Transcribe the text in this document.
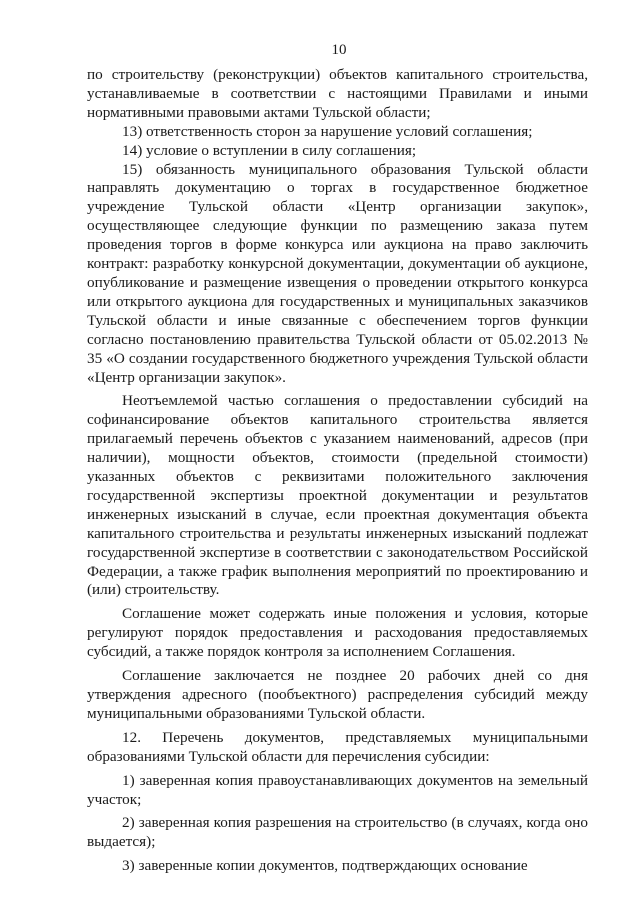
10

по строительству (реконструкции) объектов капитального строительства, устанавливаемые в соответствии с настоящими Правилами и иными нормативными правовыми актами Тульской области;

13) ответственность сторон за нарушение условий соглашения;

14) условие о вступлении в силу соглашения;

15) обязанность муниципального образования Тульской области направлять документацию о торгах в государственное бюджетное учреждение Тульской области «Центр организации закупок», осуществляющее следующие функции по размещению заказа путем проведения торгов в форме конкурса или аукциона на право заключить контракт: разработку конкурсной документации, документации об аукционе, опубликование и размещение извещения о проведении открытого конкурса или открытого аукциона для государственных и муниципальных заказчиков Тульской области и иные связанные с обеспечением торгов функции согласно постановлению правительства Тульской области от 05.02.2013 № 35 «О создании государственного бюджетного учреждения Тульской области «Центр организации закупок».

Неотъемлемой частью соглашения о предоставлении субсидий на софинансирование объектов капитального строительства является прилагаемый перечень объектов с указанием наименований, адресов (при наличии), мощности объектов, стоимости (предельной стоимости) указанных объектов с реквизитами положительного заключения государственной экспертизы проектной документации и результатов инженерных изысканий в случае, если проектная документация объекта капитального строительства и результаты инженерных изысканий подлежат государственной экспертизе в соответствии с законодательством Российской Федерации, а также график выполнения мероприятий по проектированию и (или) строительству.

Соглашение может содержать иные положения и условия, которые регулируют порядок предоставления и расходования предоставляемых субсидий, а также порядок контроля за исполнением Соглашения.

Соглашение заключается не позднее 20 рабочих дней со дня утверждения адресного (пообъектного) распределения субсидий между муниципальными образованиями Тульской области.

12. Перечень документов, представляемых муниципальными образованиями Тульской области для перечисления субсидии:

1) заверенная копия правоустанавливающих документов на земельный участок;

2) заверенная копия разрешения на строительство (в случаях, когда оно выдается);

3) заверенные копии документов, подтверждающих основание
